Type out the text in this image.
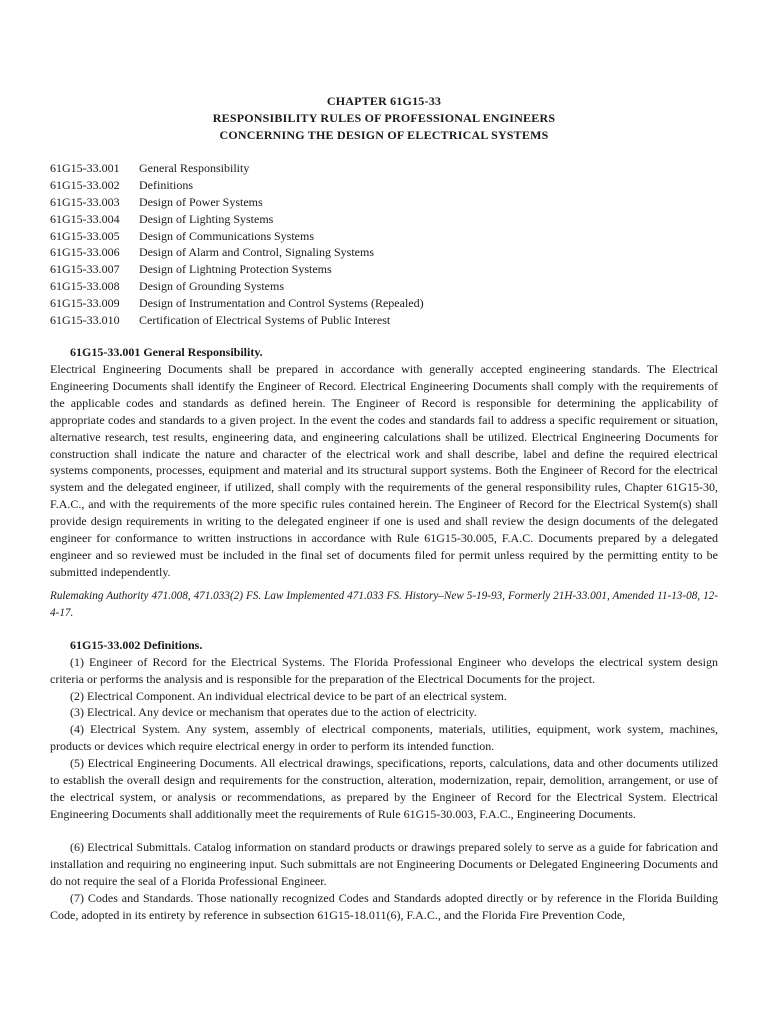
CHAPTER 61G15-33
RESPONSIBILITY RULES OF PROFESSIONAL ENGINEERS
CONCERNING THE DESIGN OF ELECTRICAL SYSTEMS
61G15-33.001 General Responsibility
61G15-33.002 Definitions
61G15-33.003 Design of Power Systems
61G15-33.004 Design of Lighting Systems
61G15-33.005 Design of Communications Systems
61G15-33.006 Design of Alarm and Control, Signaling Systems
61G15-33.007 Design of Lightning Protection Systems
61G15-33.008 Design of Grounding Systems
61G15-33.009 Design of Instrumentation and Control Systems (Repealed)
61G15-33.010 Certification of Electrical Systems of Public Interest
61G15-33.001 General Responsibility.
Electrical Engineering Documents shall be prepared in accordance with generally accepted engineering standards. The Electrical Engineering Documents shall identify the Engineer of Record. Electrical Engineering Documents shall comply with the requirements of the applicable codes and standards as defined herein. The Engineer of Record is responsible for determining the applicability of appropriate codes and standards to a given project. In the event the codes and standards fail to address a specific requirement or situation, alternative research, test results, engineering data, and engineering calculations shall be utilized. Electrical Engineering Documents for construction shall indicate the nature and character of the electrical work and shall describe, label and define the required electrical systems components, processes, equipment and material and its structural support systems. Both the Engineer of Record for the electrical system and the delegated engineer, if utilized, shall comply with the requirements of the general responsibility rules, Chapter 61G15-30, F.A.C., and with the requirements of the more specific rules contained herein. The Engineer of Record for the Electrical System(s) shall provide design requirements in writing to the delegated engineer if one is used and shall review the design documents of the delegated engineer for conformance to written instructions in accordance with Rule 61G15-30.005, F.A.C. Documents prepared by a delegated engineer and so reviewed must be included in the final set of documents filed for permit unless required by the permitting entity to be submitted independently.
Rulemaking Authority 471.008, 471.033(2) FS. Law Implemented 471.033 FS. History–New 5-19-93, Formerly 21H-33.001, Amended 11-13-08, 12-4-17.
61G15-33.002 Definitions.
(1) Engineer of Record for the Electrical Systems. The Florida Professional Engineer who develops the electrical system design criteria or performs the analysis and is responsible for the preparation of the Electrical Documents for the project.
(2) Electrical Component. An individual electrical device to be part of an electrical system.
(3) Electrical. Any device or mechanism that operates due to the action of electricity.
(4) Electrical System. Any system, assembly of electrical components, materials, utilities, equipment, work system, machines, products or devices which require electrical energy in order to perform its intended function.
(5) Electrical Engineering Documents. All electrical drawings, specifications, reports, calculations, data and other documents utilized to establish the overall design and requirements for the construction, alteration, modernization, repair, demolition, arrangement, or use of the electrical system, or analysis or recommendations, as prepared by the Engineer of Record for the Electrical System. Electrical Engineering Documents shall additionally meet the requirements of Rule 61G15-30.003, F.A.C., Engineering Documents.
(6) Electrical Submittals. Catalog information on standard products or drawings prepared solely to serve as a guide for fabrication and installation and requiring no engineering input. Such submittals are not Engineering Documents or Delegated Engineering Documents and do not require the seal of a Florida Professional Engineer.
(7) Codes and Standards. Those nationally recognized Codes and Standards adopted directly or by reference in the Florida Building Code, adopted in its entirety by reference in subsection 61G15-18.011(6), F.A.C., and the Florida Fire Prevention Code,
